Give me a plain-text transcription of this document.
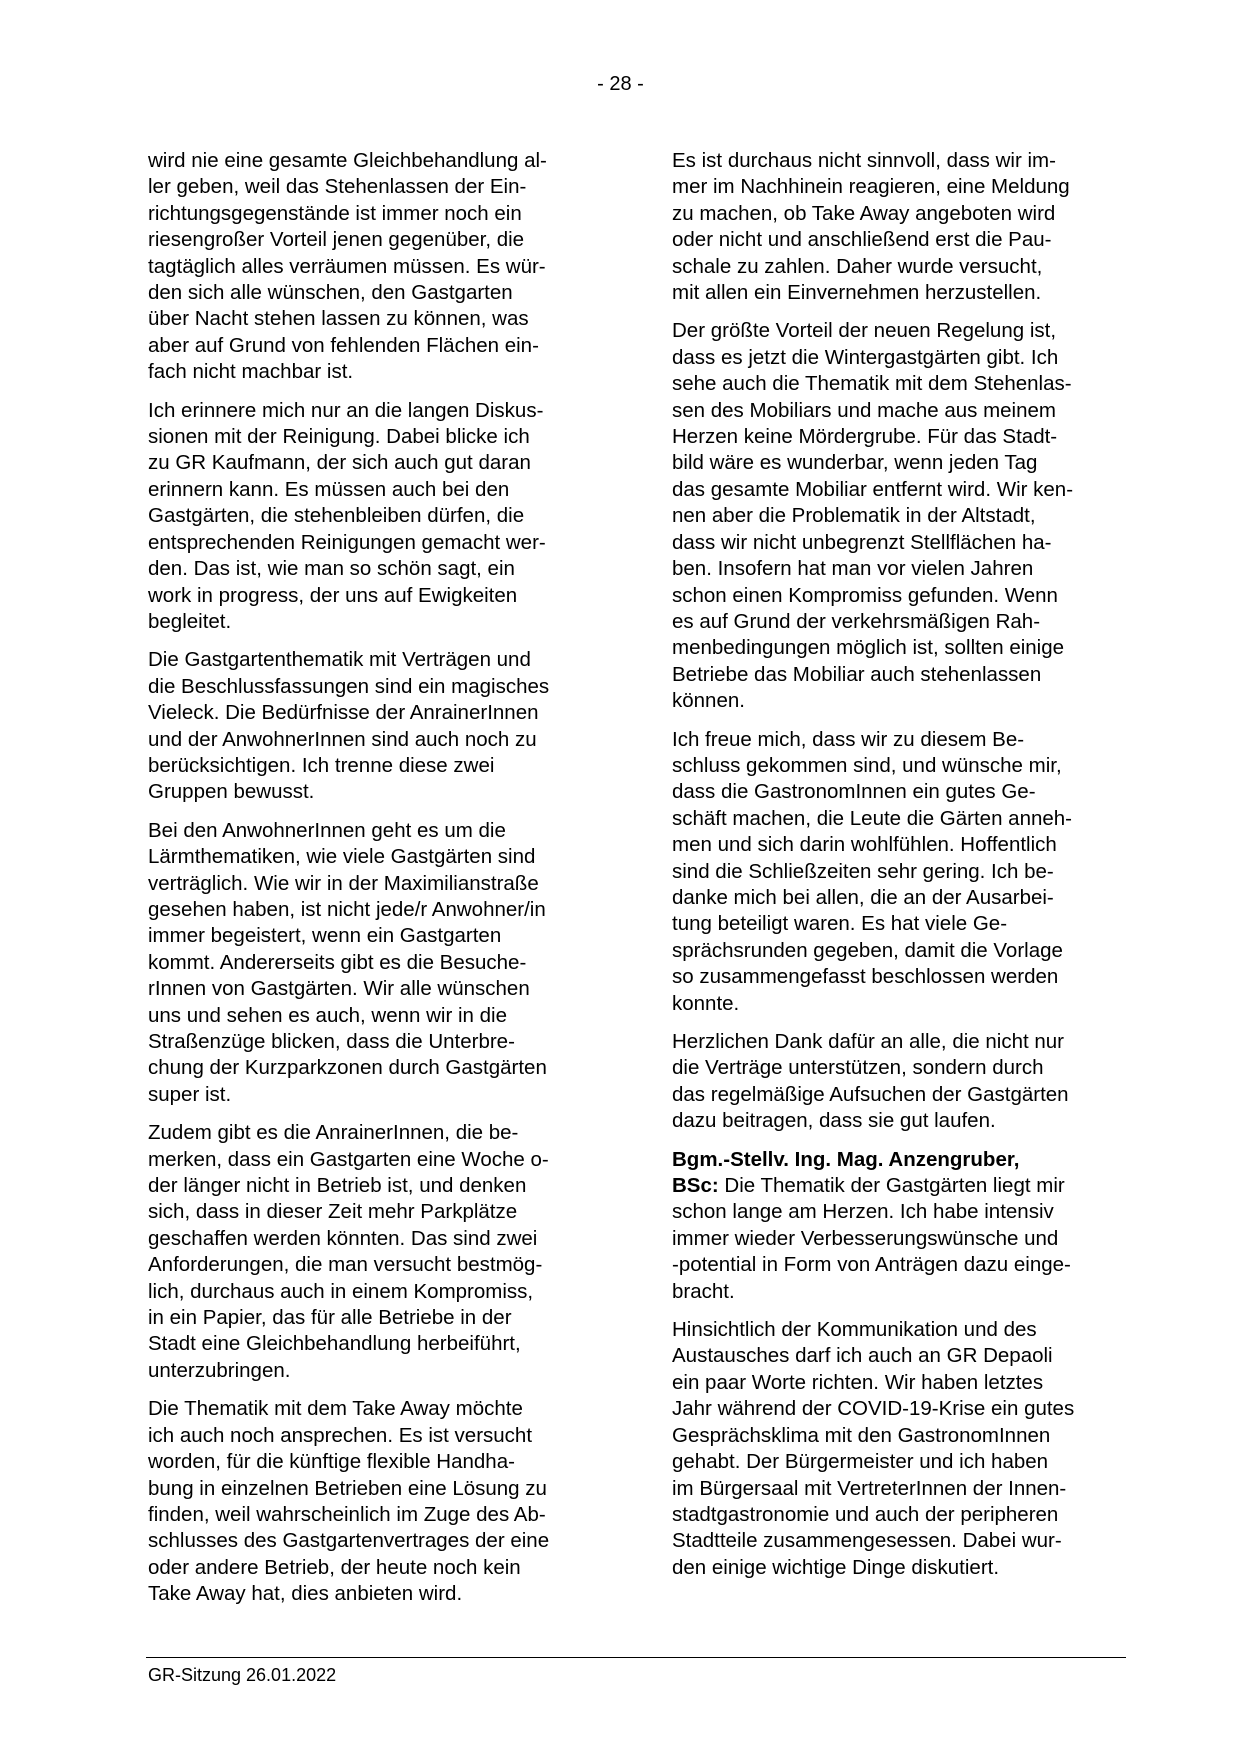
- 28 -

wird nie eine gesamte Gleichbehandlung al-
ler geben, weil das Stehenlassen der Ein-
richtungsgegenstände ist immer noch ein
riesengroßer Vorteil jenen gegenüber, die
tagtäglich alles verräumen müssen. Es wür-
den sich alle wünschen, den Gastgarten
über Nacht stehen lassen zu können, was
aber auf Grund von fehlenden Flächen ein-
fach nicht machbar ist.

Ich erinnere mich nur an die langen Diskus-
sionen mit der Reinigung. Dabei blicke ich
zu GR Kaufmann, der sich auch gut daran
erinnern kann. Es müssen auch bei den
Gastgärten, die stehenbleiben dürfen, die
entsprechenden Reinigungen gemacht wer-
den. Das ist, wie man so schön sagt, ein
work in progress, der uns auf Ewigkeiten
begleitet.

Die Gastgartenthematik mit Verträgen und
die Beschlussfassungen sind ein magisches
Vieleck. Die Bedürfnisse der AnrainerInnen
und der AnwohnerInnen sind auch noch zu
berücksichtigen. Ich trenne diese zwei
Gruppen bewusst.

Bei den AnwohnerInnen geht es um die
Lärmthematiken, wie viele Gastgärten sind
verträglich. Wie wir in der Maximilianstraße
gesehen haben, ist nicht jede/r Anwohner/in
immer begeistert, wenn ein Gastgarten
kommt. Andererseits gibt es die Besuche-
rInnen von Gastgärten. Wir alle wünschen
uns und sehen es auch, wenn wir in die
Straßenzüge blicken, dass die Unterbre-
chung der Kurzparkzonen durch Gastgärten
super ist.

Zudem gibt es die AnrainerInnen, die be-
merken, dass ein Gastgarten eine Woche o-
der länger nicht in Betrieb ist, und denken
sich, dass in dieser Zeit mehr Parkplätze
geschaffen werden könnten. Das sind zwei
Anforderungen, die man versucht bestmög-
lich, durchaus auch in einem Kompromiss,
in ein Papier, das für alle Betriebe in der
Stadt eine Gleichbehandlung herbeiführt,
unterzubringen.

Die Thematik mit dem Take Away möchte
ich auch noch ansprechen. Es ist versucht
worden, für die künftige flexible Handha-
bung in einzelnen Betrieben eine Lösung zu
finden, weil wahrscheinlich im Zuge des Ab-
schlusses des Gastgartenvertrages der eine
oder andere Betrieb, der heute noch kein
Take Away hat, dies anbieten wird.

Es ist durchaus nicht sinnvoll, dass wir im-
mer im Nachhinein reagieren, eine Meldung
zu machen, ob Take Away angeboten wird
oder nicht und anschließend erst die Pau-
schale zu zahlen. Daher wurde versucht,
mit allen ein Einvernehmen herzustellen.

Der größte Vorteil der neuen Regelung ist,
dass es jetzt die Wintergastgärten gibt. Ich
sehe auch die Thematik mit dem Stehenlas-
sen des Mobiliars und mache aus meinem
Herzen keine Mördergrube. Für das Stadt-
bild wäre es wunderbar, wenn jeden Tag
das gesamte Mobiliar entfernt wird. Wir ken-
nen aber die Problematik in der Altstadt,
dass wir nicht unbegrenzt Stellflächen ha-
ben. Insofern hat man vor vielen Jahren
schon einen Kompromiss gefunden. Wenn
es auf Grund der verkehrsmäßigen Rah-
menbedingungen möglich ist, sollten einige
Betriebe das Mobiliar auch stehenlassen
können.

Ich freue mich, dass wir zu diesem Be-
schluss gekommen sind, und wünsche mir,
dass die GastronomInnen ein gutes Ge-
schäft machen, die Leute die Gärten anneh-
men und sich darin wohlfühlen. Hoffentlich
sind die Schließzeiten sehr gering. Ich be-
danke mich bei allen, die an der Ausarbei-
tung beteiligt waren. Es hat viele Ge-
sprächsrunden gegeben, damit die Vorlage
so zusammengefasst beschlossen werden
konnte.

Herzlichen Dank dafür an alle, die nicht nur
die Verträge unterstützen, sondern durch
das regelmäßige Aufsuchen der Gastgärten
dazu beitragen, dass sie gut laufen.

Bgm.-Stellv. Ing. Mag. Anzengruber,
BSc: Die Thematik der Gastgärten liegt mir
schon lange am Herzen. Ich habe intensiv
immer wieder Verbesserungswünsche und
-potential in Form von Anträgen dazu einge-
bracht.

Hinsichtlich der Kommunikation und des
Austausches darf ich auch an GR Depaoli
ein paar Worte richten. Wir haben letztes
Jahr während der COVID-19-Krise ein gutes
Gesprächsklima mit den GastronomInnen
gehabt. Der Bürgermeister und ich haben
im Bürgersaal mit VertreterInnen der Innen-
stadtgastronomie und auch der peripheren
Stadtteile zusammengesessen. Dabei wur-
den einige wichtige Dinge diskutiert.

GR-Sitzung 26.01.2022
